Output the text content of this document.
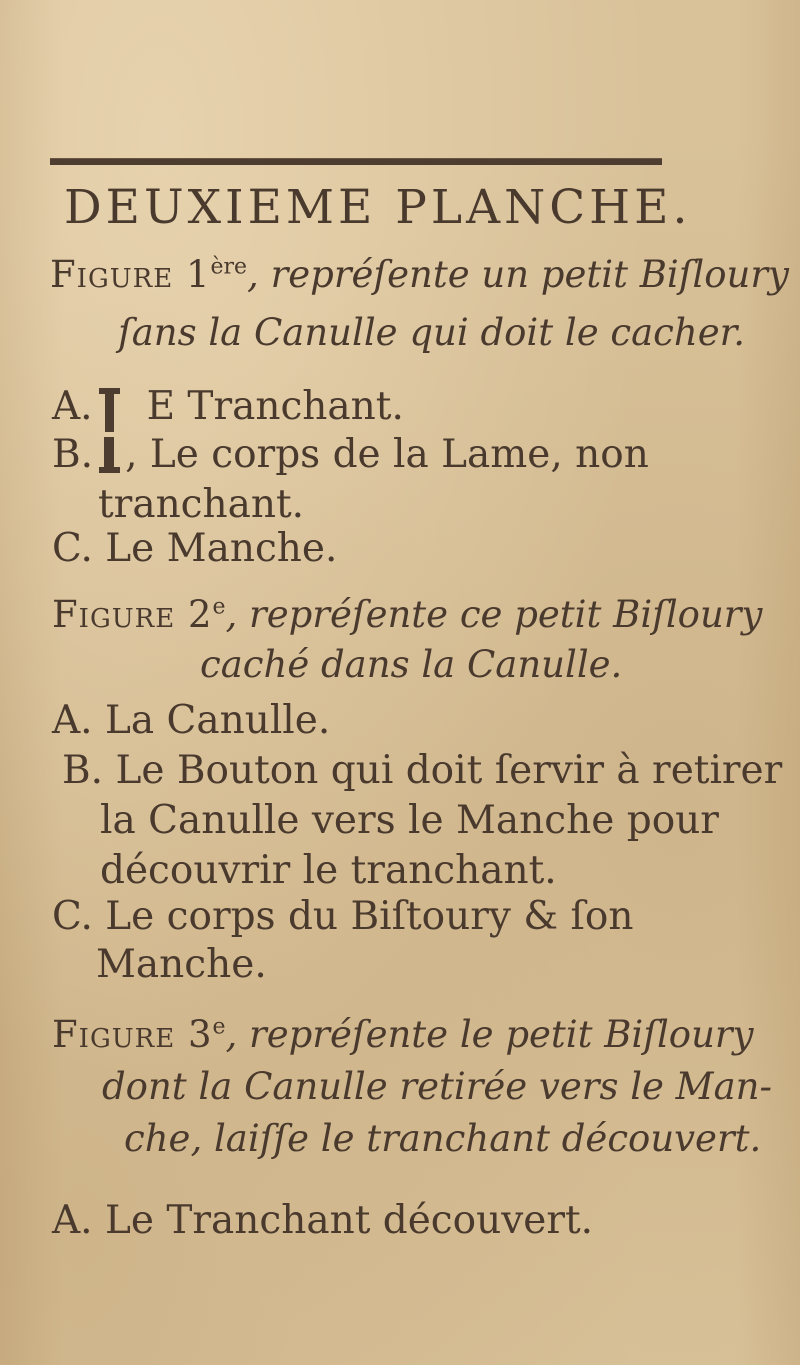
DEUXIEME PLANCHE.
Figure 1ère, repréſente un petit Biſloury
ſans la Canulle qui doit le cacher.
A. E Tranchant.
B. , Le corps de la Lame, non
tranchant.
C. Le Manche.
Figure 2e, repréſente ce petit Biſloury
caché dans la Canulle.
A. La Canulle.
B. Le Bouton qui doit ſervir à retirer
la Canulle vers le Manche pour
découvrir le tranchant.
C. Le corps du Biſtoury & ſon
Manche.
Figure 3e, repréſente le petit Biſloury
dont la Canulle retirée vers le Man-
che, laiſſe le tranchant découvert.
A. Le Tranchant découvert.
